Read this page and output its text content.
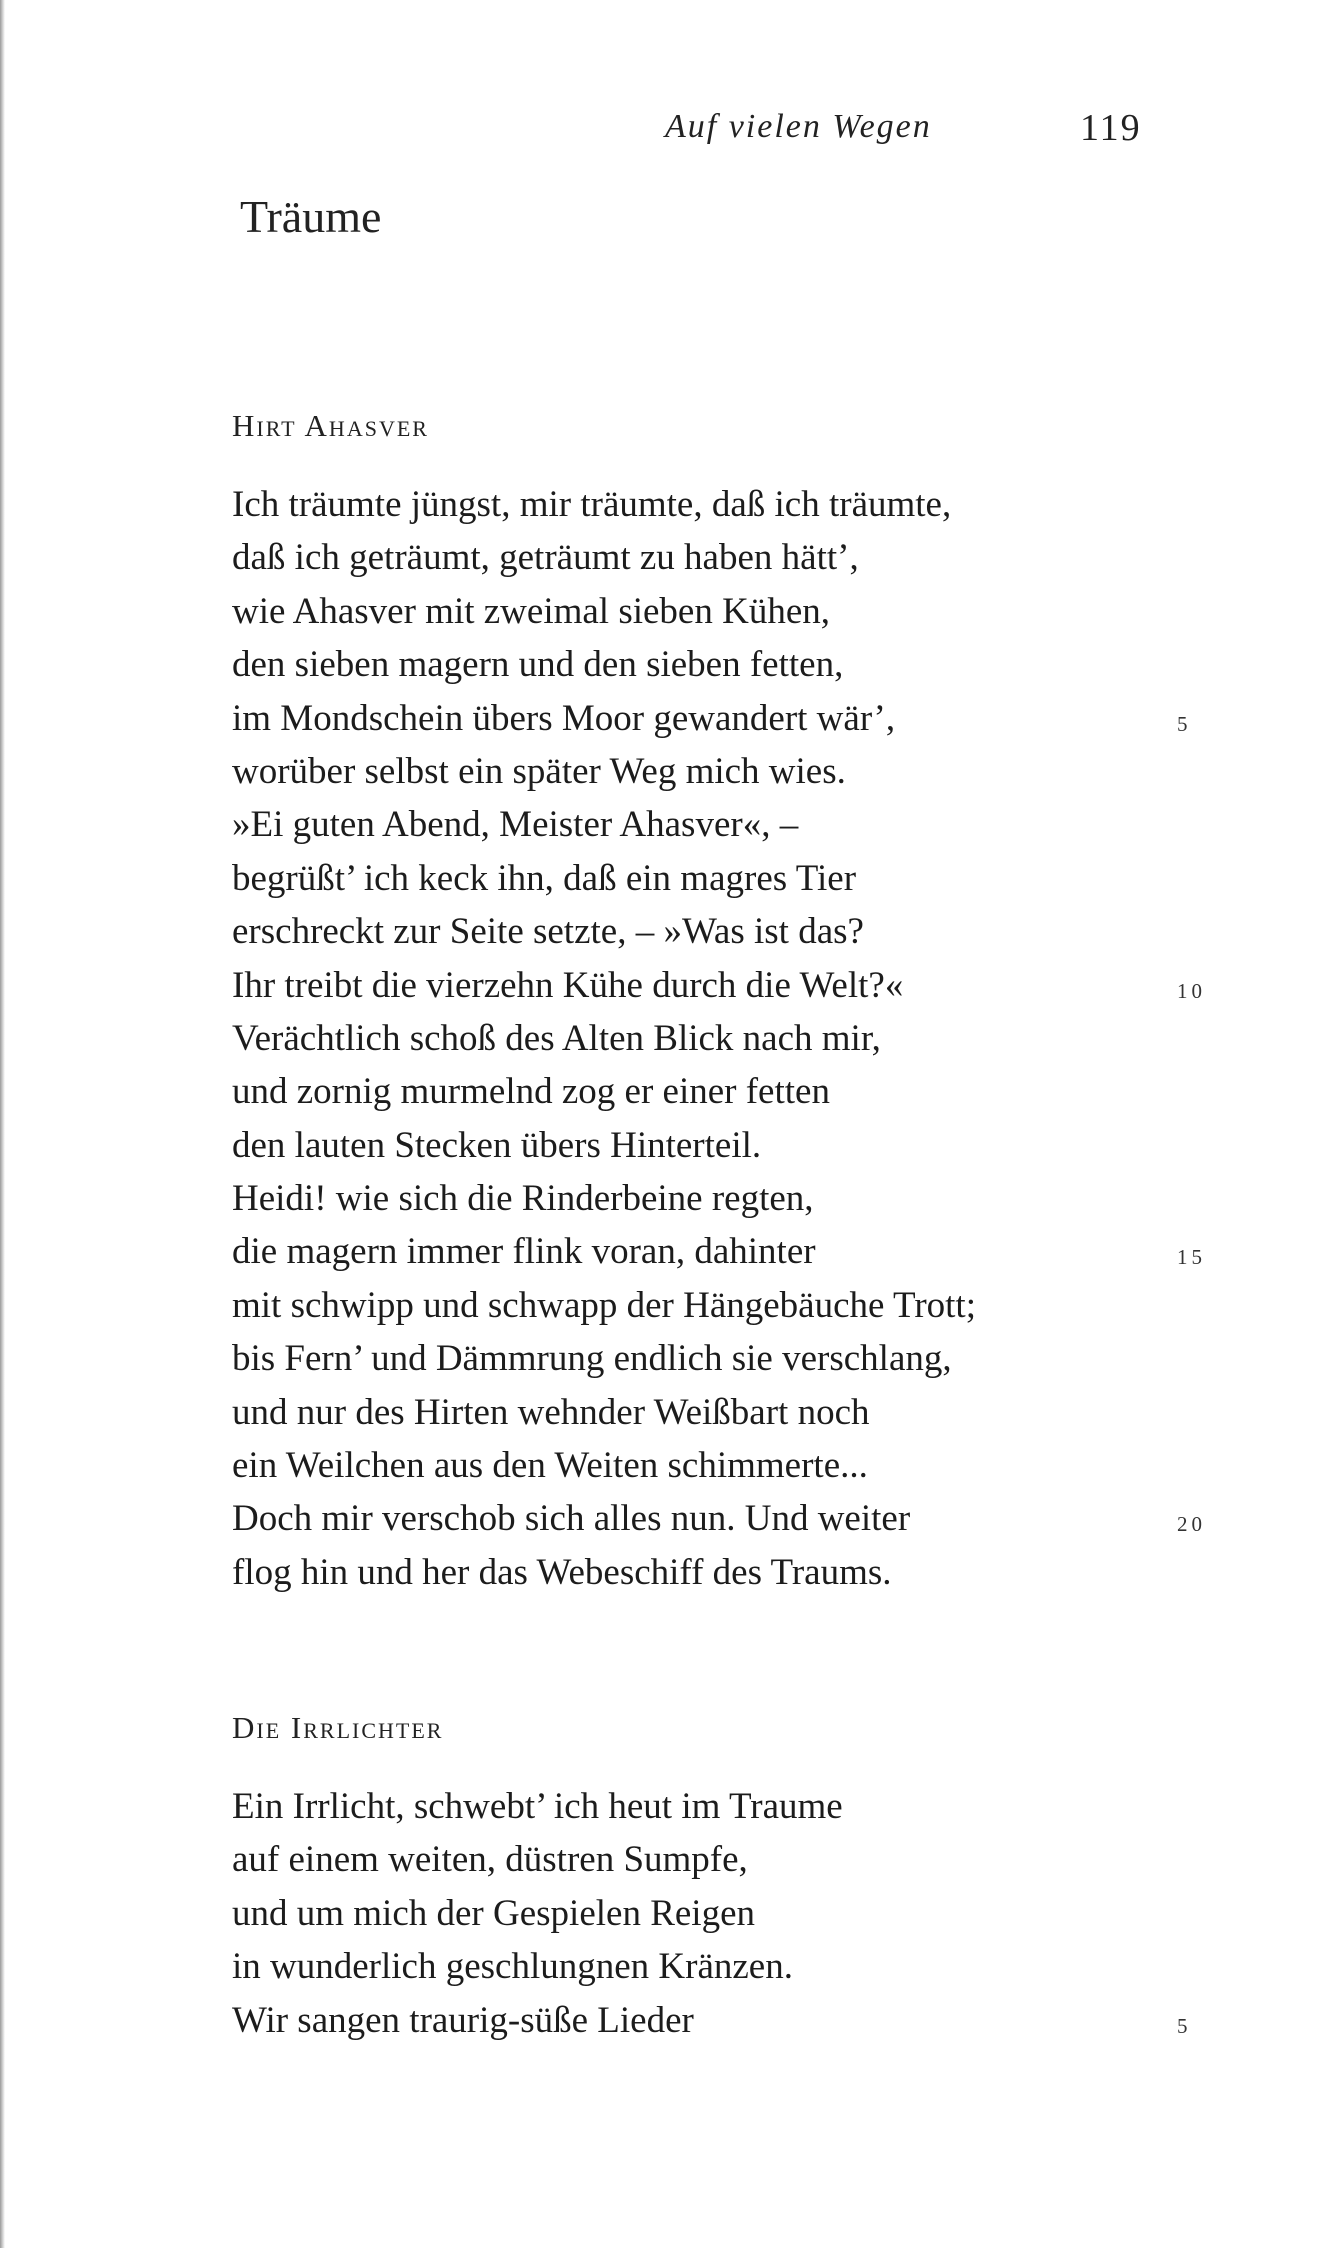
Auf vielen Wegen	119
Träume
Hirt Ahasver
Ich träumte jüngst, mir träumte, daß ich träumte,
daß ich geträumt, geträumt zu haben hätt’,
wie Ahasver mit zweimal sieben Kühen,
den sieben magern und den sieben fetten,
im Mondschein übers Moor gewandert wär’,	5
worüber selbst ein später Weg mich wies.
»Ei guten Abend, Meister Ahasver«, –
begrüßt’ ich keck ihn, daß ein magres Tier
erschreckt zur Seite setzte, – »Was ist das?
Ihr treibt die vierzehn Kühe durch die Welt?«	10
Verächtlich schoß des Alten Blick nach mir,
und zornig murmelnd zog er einer fetten
den lauten Stecken übers Hinterteil.
Heidi! wie sich die Rinderbeine regten,
die magern immer flink voran, dahinter	15
mit schwipp und schwapp der Hängebäuche Trott;
bis Fern’ und Dämmrung endlich sie verschlang,
und nur des Hirten wehnder Weißbart noch
ein Weilchen aus den Weiten schimmerte...
Doch mir verschob sich alles nun. Und weiter	20
flog hin und her das Webeschiff des Traums.
Die Irrlichter
Ein Irrlicht, schwebt’ ich heut im Traume
auf einem weiten, düstren Sumpfe,
und um mich der Gespielen Reigen
in wunderlich geschlungnen Kränzen.
Wir sangen traurig-süße Lieder	5
